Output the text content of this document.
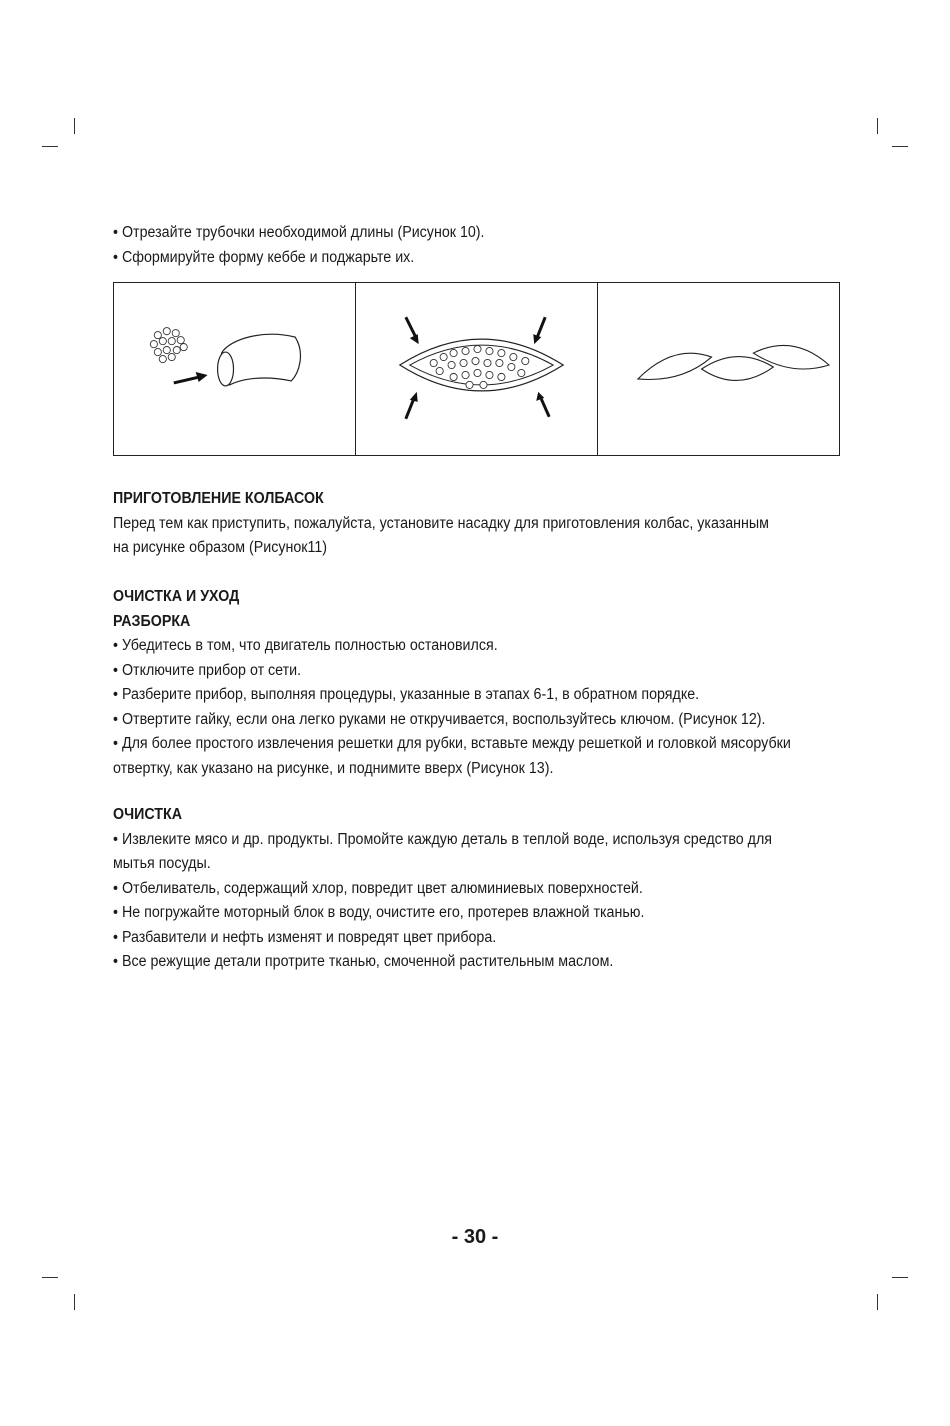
• Отрезайте трубочки необходимой длины (Рисунок 10).

• Сформируйте форму кеббе и поджарьте их.

ПРИГОТОВЛЕНИЕ КОЛБАСОК

Перед тем как приступить, пожалуйста, установите насадку для приготовления колбас, указанным

на рисунке образом (Рисунок11)

ОЧИСТКА И УХОД

РАЗБОРКА

• Убедитесь в том, что двигатель полностью остановился.

• Отключите прибор от сети.

• Разберите прибор, выполняя процедуры, указанные в этапах 6-1, в обратном порядке.

• Отвертите гайку, если она легко руками не откручивается, воспользуйтесь ключом. (Рисунок 12).

• Для более простого извлечения решетки для рубки, вставьте между решеткой и головкой мясорубки

отвертку, как указано на рисунке, и поднимите вверх (Рисунок 13).

ОЧИСТКА

• Извлеките мясо и др. продукты. Промойте каждую деталь в теплой воде, используя средство для

мытья посуды.

• Отбеливатель, содержащий хлор, повредит цвет алюминиевых поверхностей.

• Не погружайте моторный блок в воду, очистите его, протерев влажной тканью.

• Разбавители и нефть изменят и повредят цвет прибора.

• Все режущие детали протрите тканью, смоченной растительным маслом.

- 30 -
